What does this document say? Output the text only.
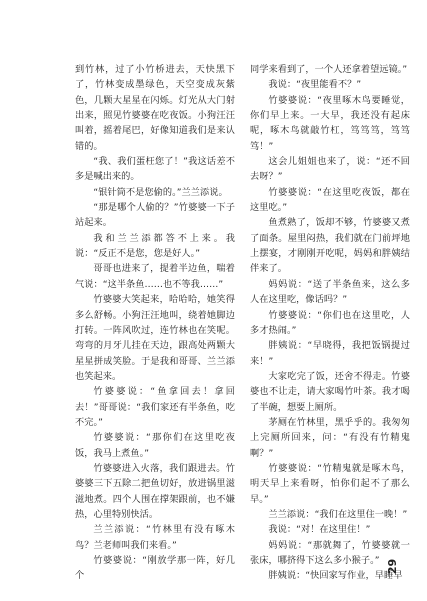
到竹林，过了小竹桥进去，天快黑下了，竹林变成墨绿色，天空变成灰紫色，几颗大星星在闪烁。灯光从大门射出来，照见竹婆婆在吃夜饭。小狗汪汪叫着，摇着尾巴，好像知道我们是来认错的。

“我、我们蛋枉您了！”我这话差不多是喊出来的。

“银针筒不是您偷的。”兰兰添说。

“那是哪个人偷的？”竹婆婆一下子站起来。

我和兰兰添都答不上来。我说：“反正不是您，您是好人。”

哥哥也进来了，提着半边鱼，喘着气说：“这半条鱼……也不等我……”

竹婆婆大笑起来，哈哈哈，她笑得多么舒畅。小狗汪汪地叫，绕着她脚边打转。一阵风吹过，连竹林也在笑呢。弯弯的月牙儿挂在天边，跟高处两颗大星星拼成笑脸。于是我和哥哥、兰兰添也笑起来。

竹婆婆说：“鱼拿回去！拿回去！”哥哥说：“我们家还有半条鱼，吃不完。”

竹婆婆说：“那你们在这里吃夜饭，我马上煮鱼。”

竹婆婆进入火落，我们跟进去。竹婆婆三下五除二把鱼切好，放进锅里滋滋地煮。四个人围在撑架跟前，也不嫌热，心里特别快活。

兰兰添说：“竹林里有没有啄木鸟？兰老师叫我们来看。”

竹婆婆说：“刚放学那一阵，好几个

同学来看到了，一个人还拿着望远镜。”

我说：“夜里能看不？”

竹婆婆说：“夜里啄木鸟要睡觉，你们早上来。一大早，我还没有起床呢，啄木鸟就敲竹杠，笃笃笃，笃笃笃！”

这会儿姐姐也来了，说：“还不回去呀？”

竹婆婆说：“在这里吃夜饭，都在这里吃。”

鱼煮熟了，饭却不够，竹婆婆又煮了面条。屋里闷热，我们就在门前坪地上摆宴，才刚刚开吃呢，妈妈和胖姨结伴来了。

妈妈说：“送了半条鱼来，这么多人在这里吃，像话吗？”

竹婆婆说：“你们也在这里吃，人多才热闹。”

胖姨说：“早晓得，我把饭锅提过来！”

大家吃完了饭，还舍不得走。竹婆婆也不让走，请大家喝竹叶茶。我才喝了半碗，想要上厕所。

茅厕在竹林里，黑乎乎的。我匆匆上完厕所回来，问：“有没有竹精鬼啊？”

竹婆婆说：“竹精鬼就是啄木鸟，明天早上来看呀，怕你们起不了那么早。”

兰兰添说：“我们在这里住一晚！”

我说：“对！在这里住！”

妈妈说：“那就舞了，竹婆婆就一张床，哪挤得下这么多小猴子。”

胖姨说：“快回家写作业，早睡早

29
